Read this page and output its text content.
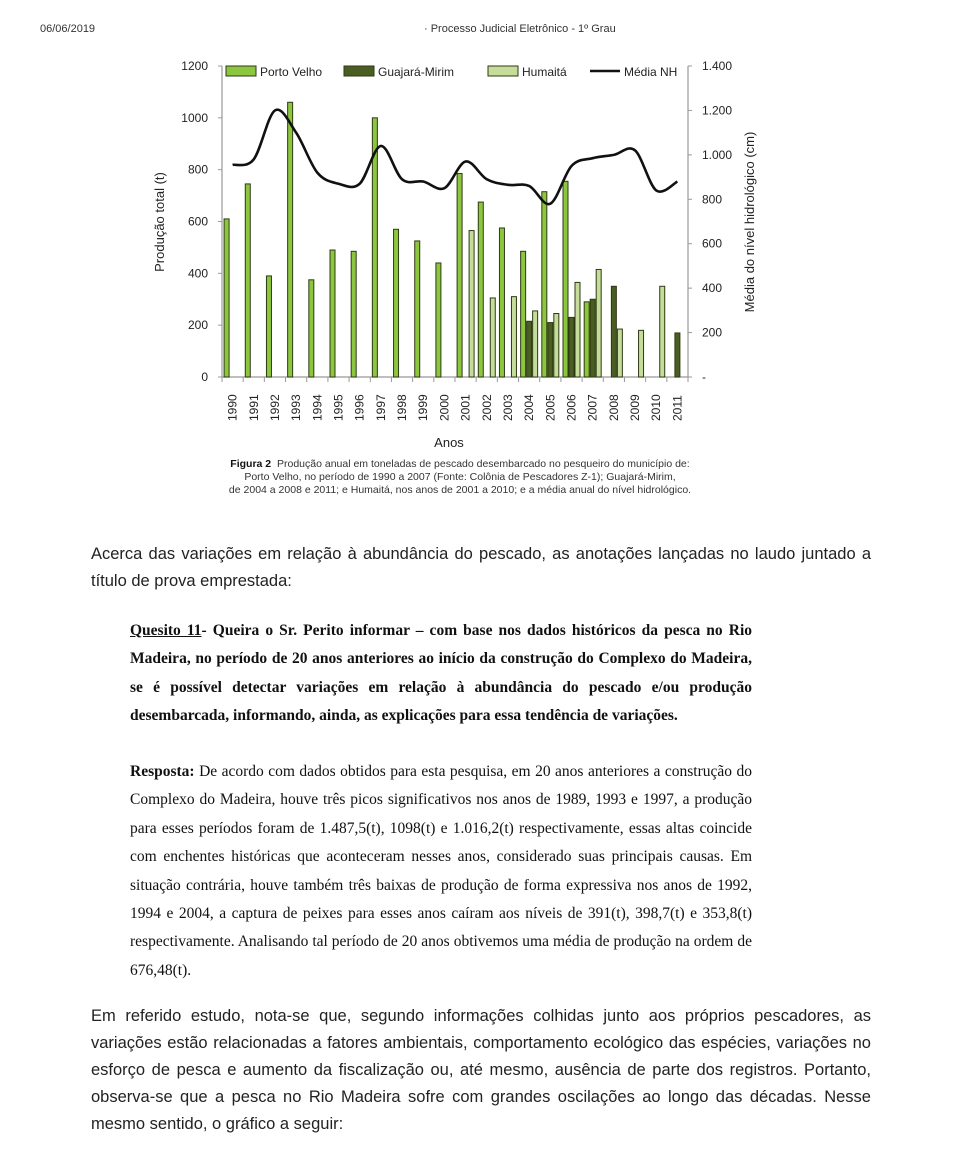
06/06/2019	· Processo Judicial Eletrônico - 1º Grau
0
200
400
600
800
1000
1200
-
200
400
600
800
1.000
1.200
1.400
Produção total (t)	Média do nível hidrológico (cm)
Anos
1990 1991 1992 1993 1994 1995 1996 1997 1998 1999 2000 2001 2002 2003 2004 2005 2006 2007 2008 2009 2010 2011
Porto Velho	Guajará-Mirim	Humaitá	Média NH
Figura 2 Produção anual em toneladas de pescado desembarcado no pesqueiro do município de:
Porto Velho, no período de 1990 a 2007 (Fonte: Colônia de Pescadores Z-1); Guajará-Mirim,
de 2004 a 2008 e 2011; e Humaitá, nos anos de 2001 a 2010; e a média anual do nível hidrológico.
Acerca das variações em relação à abundância do pescado, as anotações lançadas no laudo juntado a título de prova emprestada:
Quesito 11- Queira o Sr. Perito informar – com base nos dados históricos da pesca no Rio Madeira, no período de 20 anos anteriores ao início da construção do Complexo do Madeira, se é possível detectar variações em relação à abundância do pescado e/ou produção desembarcada, informando, ainda, as explicações para essa tendência de variações.
Resposta: De acordo com dados obtidos para esta pesquisa, em 20 anos anteriores a construção do Complexo do Madeira, houve três picos significativos nos anos de 1989, 1993 e 1997, a produção para esses períodos foram de 1.487,5(t), 1098(t) e 1.016,2(t) respectivamente, essas altas coincide com enchentes históricas que aconteceram nesses anos, considerado suas principais causas. Em situação contrária, houve também três baixas de produção de forma expressiva nos anos de 1992, 1994 e 2004, a captura de peixes para esses anos caíram aos níveis de 391(t), 398,7(t) e 353,8(t) respectivamente. Analisando tal período de 20 anos obtivemos uma média de produção na ordem de 676,48(t).
Em referido estudo, nota-se que, segundo informações colhidas junto aos próprios pescadores, as variações estão relacionadas a fatores ambientais, comportamento ecológico das espécies, variações no esforço de pesca e aumento da fiscalização ou, até mesmo, ausência de parte dos registros. Portanto, observa-se que a pesca no Rio Madeira sofre com grandes oscilações ao longo das décadas. Nesse mesmo sentido, o gráfico a seguir:
